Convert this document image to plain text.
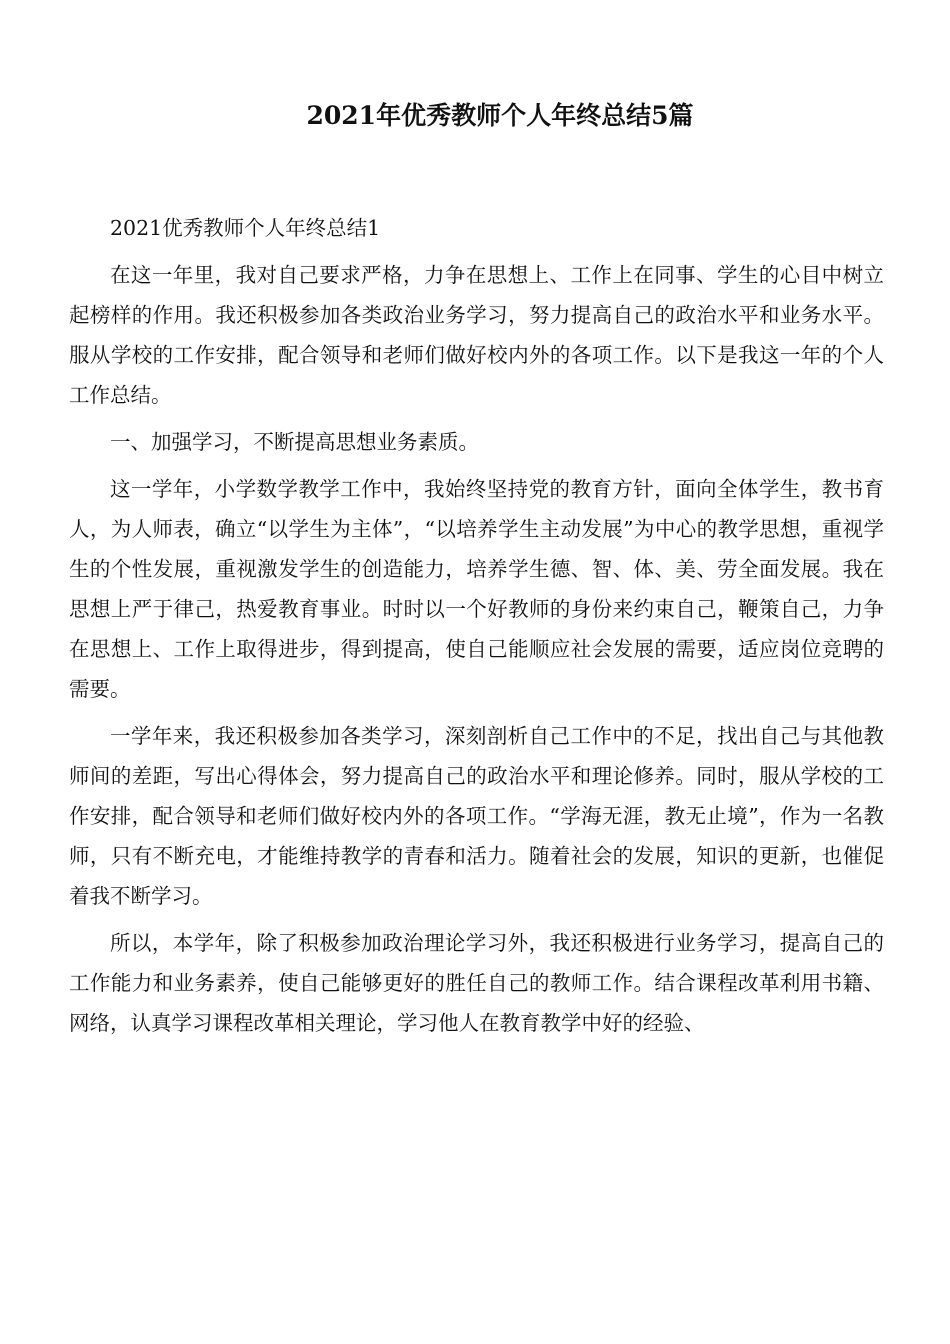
2021年优秀教师个人年终总结5篇

2021优秀教师个人年终总结1

在这一年里，我对自己要求严格，力争在思想上、工作上在同事、学生的心目中树立起榜样的作用。我还积极参加各类政治业务学习，努力提高自己的政治水平和业务水平。服从学校的工作安排，配合领导和老师们做好校内外的各项工作。以下是我这一年的个人工作总结。

一、加强学习，不断提高思想业务素质。

这一学年，小学数学教学工作中，我始终坚持党的教育方针，面向全体学生，教书育人，为人师表，确立“以学生为主体”，“以培养学生主动发展”为中心的教学思想，重视学生的个性发展，重视激发学生的创造能力，培养学生德、智、体、美、劳全面发展。我在思想上严于律己，热爱教育事业。时时以一个好教师的身份来约束自己，鞭策自己，力争在思想上、工作上取得进步，得到提高，使自己能顺应社会发展的需要，适应岗位竞聘的需要。

一学年来，我还积极参加各类学习，深刻剖析自己工作中的不足，找出自己与其他教师间的差距，写出心得体会，努力提高自己的政治水平和理论修养。同时，服从学校的工作安排，配合领导和老师们做好校内外的各项工作。“学海无涯，教无止境”，作为一名教师，只有不断充电，才能维持教学的青春和活力。随着社会的发展，知识的更新，也催促着我不断学习。

所以，本学年，除了积极参加政治理论学习外，我还积极进行业务学习，提高自己的工作能力和业务素养，使自己能够更好的胜任自己的教师工作。结合课程改革利用书籍、网络，认真学习课程改革相关理论，学习他人在教育教学中好的经验、
